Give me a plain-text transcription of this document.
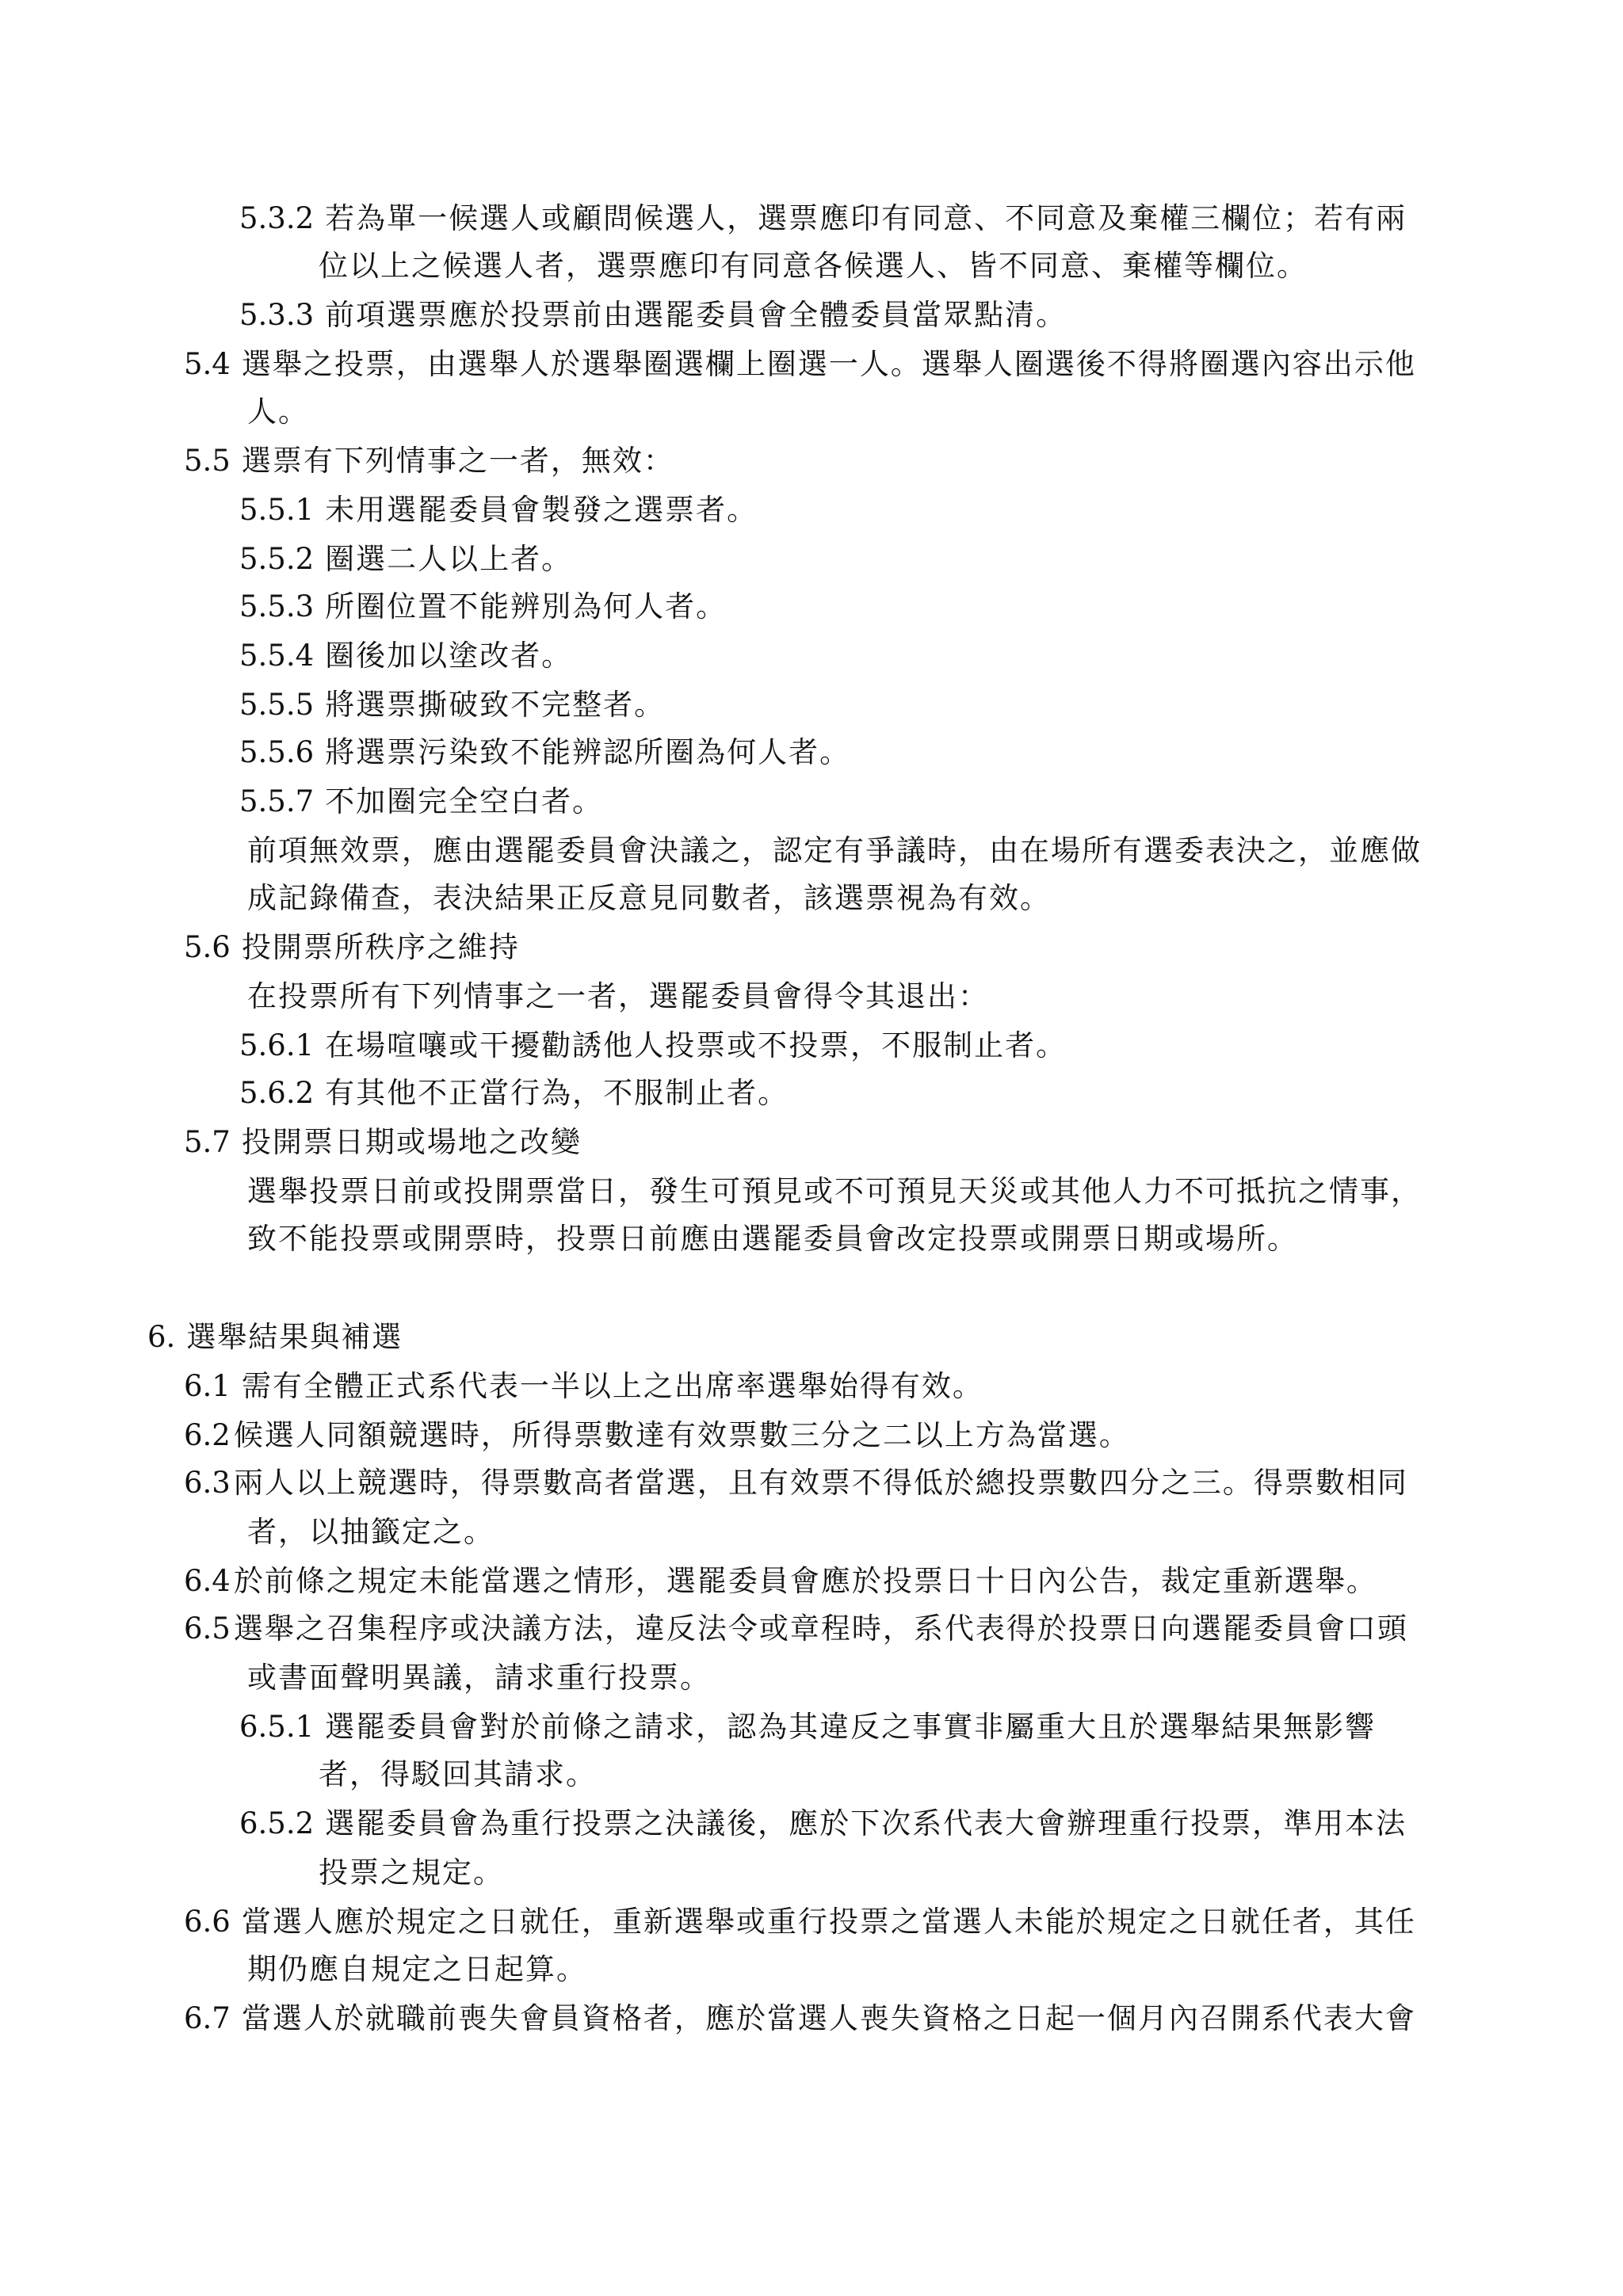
5.3.2 若為單一候選人或顧問候選人，選票應印有同意、不同意及棄權三欄位；若有兩
位以上之候選人者，選票應印有同意各候選人、皆不同意、棄權等欄位。
5.3.3 前項選票應於投票前由選罷委員會全體委員當眾點清。
5.4 選舉之投票，由選舉人於選舉圈選欄上圈選一人。選舉人圈選後不得將圈選內容出示他
人。
5.5 選票有下列情事之一者，無效：
5.5.1 未用選罷委員會製發之選票者。
5.5.2 圈選二人以上者。
5.5.3 所圈位置不能辨別為何人者。
5.5.4 圈後加以塗改者。
5.5.5 將選票撕破致不完整者。
5.5.6 將選票污染致不能辨認所圈為何人者。
5.5.7 不加圈完全空白者。
前項無效票，應由選罷委員會決議之，認定有爭議時，由在場所有選委表決之，並應做
成記錄備查，表決結果正反意見同數者，該選票視為有效。
5.6 投開票所秩序之維持
在投票所有下列情事之一者，選罷委員會得令其退出：
5.6.1 在場喧嚷或干擾勸誘他人投票或不投票，不服制止者。
5.6.2 有其他不正當行為，不服制止者。
5.7 投開票日期或場地之改變
選舉投票日前或投開票當日，發生可預見或不可預見天災或其他人力不可抵抗之情事，
致不能投票或開票時，投票日前應由選罷委員會改定投票或開票日期或場所。
6. 選舉結果與補選
6.1 需有全體正式系代表一半以上之出席率選舉始得有效。
6.2 候選人同額競選時，所得票數達有效票數三分之二以上方為當選。
6.3 兩人以上競選時，得票數高者當選，且有效票不得低於總投票數四分之三。得票數相同
者，以抽籤定之。
6.4 於前條之規定未能當選之情形，選罷委員會應於投票日十日內公告，裁定重新選舉。
6.5 選舉之召集程序或決議方法，違反法令或章程時，系代表得於投票日向選罷委員會口頭
或書面聲明異議，請求重行投票。
6.5.1 選罷委員會對於前條之請求，認為其違反之事實非屬重大且於選舉結果無影響
者，得駁回其請求。
6.5.2 選罷委員會為重行投票之決議後，應於下次系代表大會辦理重行投票，準用本法
投票之規定。
6.6 當選人應於規定之日就任，重新選舉或重行投票之當選人未能於規定之日就任者，其任
期仍應自規定之日起算。
6.7 當選人於就職前喪失會員資格者，應於當選人喪失資格之日起一個月內召開系代表大會
